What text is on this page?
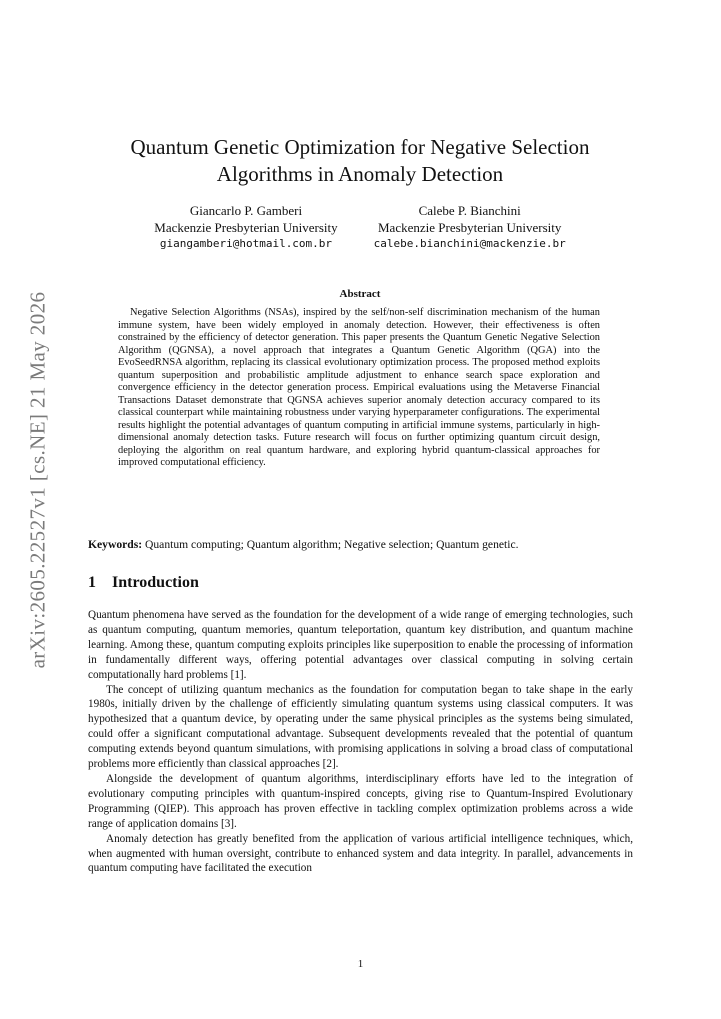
arXiv:2605.22527v1 [cs.NE] 21 May 2026
Quantum Genetic Optimization for Negative Selection Algorithms in Anomaly Detection
Giancarlo P. Gamberi
Mackenzie Presbyterian University
giangamberi@hotmail.com.br
Calebe P. Bianchini
Mackenzie Presbyterian University
calebe.bianchini@mackenzie.br
Abstract

Negative Selection Algorithms (NSAs), inspired by the self/non-self discrimination mechanism of the human immune system, have been widely employed in anomaly detection. However, their effectiveness is often constrained by the efficiency of detector generation. This paper presents the Quantum Genetic Negative Selection Algorithm (QGNSA), a novel approach that integrates a Quantum Genetic Algorithm (QGA) into the EvoSeedRNSA algorithm, replacing its classical evolutionary optimization process. The proposed method exploits quantum superposition and probabilistic amplitude adjustment to enhance search space exploration and convergence efficiency in the detector generation process. Empirical evaluations using the Metaverse Financial Transactions Dataset demonstrate that QGNSA achieves superior anomaly detection accuracy compared to its classical counterpart while maintaining robustness under varying hyperparameter configurations. The experimental results highlight the potential advantages of quantum computing in artificial immune systems, particularly in high-dimensional anomaly detection tasks. Future research will focus on further optimizing quantum circuit design, deploying the algorithm on real quantum hardware, and exploring hybrid quantum-classical approaches for improved computational efficiency.

Keywords: Quantum computing; Quantum algorithm; Negative selection; Quantum genetic.
1 Introduction

Quantum phenomena have served as the foundation for the development of a wide range of emerging technologies, such as quantum computing, quantum memories, quantum teleportation, quantum key distribution, and quantum machine learning. Among these, quantum computing exploits principles like superposition to enable the processing of information in fundamentally different ways, offering potential advantages over classical computing in solving certain computationally hard problems [1].

The concept of utilizing quantum mechanics as the foundation for computation began to take shape in the early 1980s, initially driven by the challenge of efficiently simulating quantum systems using classical computers. It was hypothesized that a quantum device, by operating under the same physical principles as the systems being simulated, could offer a significant computational advantage. Subsequent developments revealed that the potential of quantum computing extends beyond quantum simulations, with promising applications in solving a broad class of computational problems more efficiently than classical approaches [2].

Alongside the development of quantum algorithms, interdisciplinary efforts have led to the integration of evolutionary computing principles with quantum-inspired concepts, giving rise to Quantum-Inspired Evolutionary Programming (QIEP). This approach has proven effective in tackling complex optimization problems across a wide range of application domains [3].

Anomaly detection has greatly benefited from the application of various artificial intelligence techniques, which, when augmented with human oversight, contribute to enhanced system and data integrity. In parallel, advancements in quantum computing have facilitated the execution

1
